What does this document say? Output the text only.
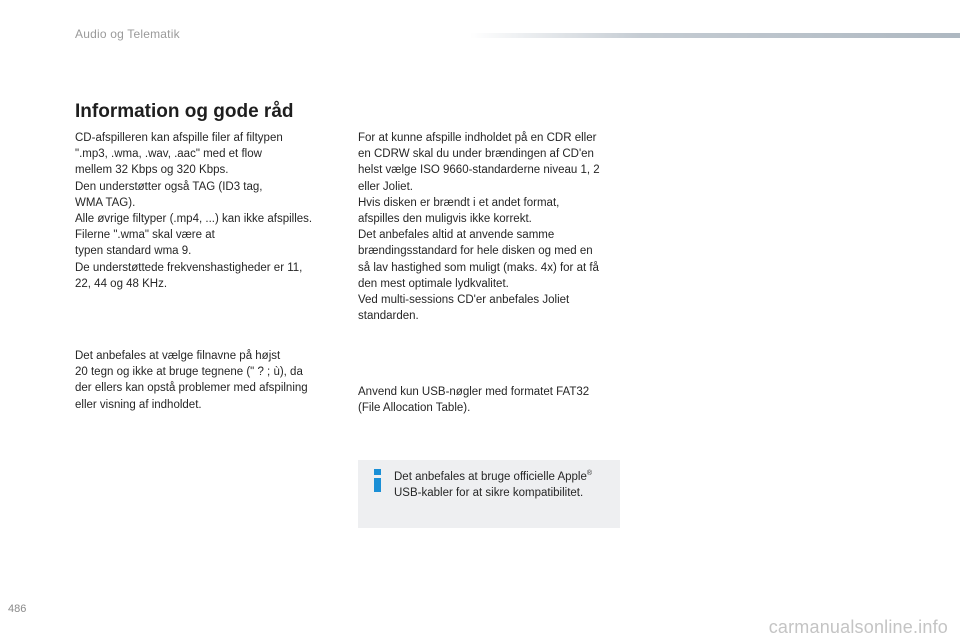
Audio og Telematik
Information og gode råd
CD-afspilleren kan afspille filer af filtypen
".mp3, .wma, .wav, .aac" med et flow
mellem 32 Kbps og 320 Kbps.
Den understøtter også TAG (ID3 tag,
WMA TAG).
Alle øvrige filtyper (.mp4, ...) kan ikke afspilles.
Filerne ".wma" skal være at
typen standard wma 9.
De understøttede frekvenshastigheder er 11,
22, 44 og 48 KHz.
Det anbefales at vælge filnavne på højst
20 tegn og ikke at bruge tegnene (" ? ; ù), da
der ellers kan opstå problemer med afspilning
eller visning af indholdet.
For at kunne afspille indholdet på en CDR eller
en CDRW skal du under brændingen af CD'en
helst vælge ISO 9660-standarderne niveau 1, 2
eller Joliet.
Hvis disken er brændt i et andet format,
afspilles den muligvis ikke korrekt.
Det anbefales altid at anvende samme
brændingsstandard for hele disken og med en
så lav hastighed som muligt (maks. 4x) for at få
den mest optimale lydkvalitet.
Ved multi-sessions CD'er anbefales Joliet
standarden.
Anvend kun USB-nøgler med formatet FAT32
(File Allocation Table).
Det anbefales at bruge officielle Apple®
USB-kabler for at sikre kompatibilitet.
486
carmanualsonline.info
